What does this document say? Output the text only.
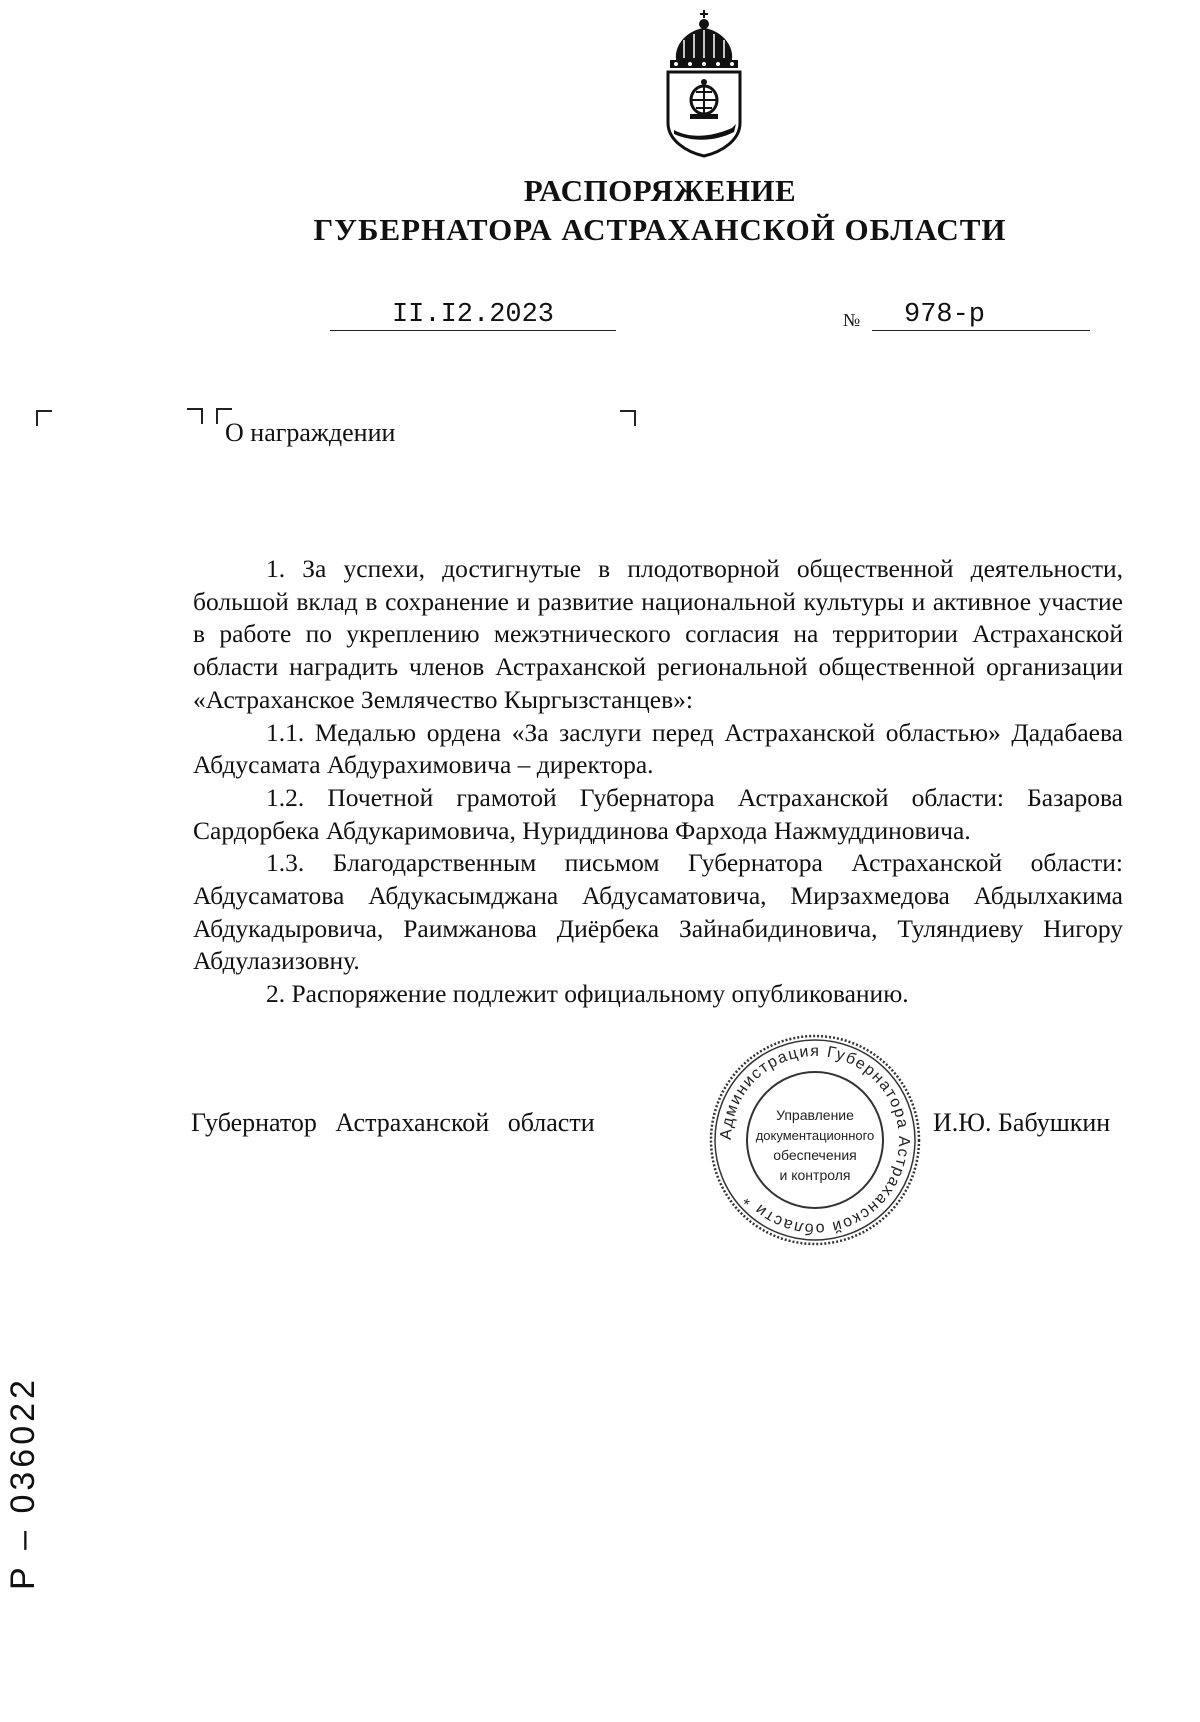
РАСПОРЯЖЕНИЕ
ГУБЕРНАТОРА АСТРАХАНСКОЙ ОБЛАСТИ
II.I2.2023	№	978-р
О награждении

1. За успехи, достигнутые в плодотворной общественной деятельности, большой вклад в сохранение и развитие национальной культуры и активное участие в работе по укреплению межэтнического согласия на территории Астраханской области наградить членов Астраханской региональной общественной организации «Астраханское Землячество Кыргызстанцев»:

1.1. Медалью ордена «За заслуги перед Астраханской областью» Дадабаева Абдусамата Абдурахимовича – директора.

1.2. Почетной грамотой Губернатора Астраханской области: Базарова Сардорбека Абдукаримовича, Нуриддинова Фархода Нажмуддиновича.

1.3. Благодарственным письмом Губернатора Астраханской области: Абдусаматова Абдукасымджана Абдусаматовича, Мирзахмедова Абдылхакима Абдукадыровича, Раимжанова Диёрбека Зайнабидиновича, Туляндиеву Нигору Абдулазизовну.

2. Распоряжение подлежит официальному опубликованию.

Губернатор Астраханской области	И.Ю. Бабушкин
Администрация Губернатора Астраханской области *
Управление
документационного
обеспечения
и контроля
Р – 036022
